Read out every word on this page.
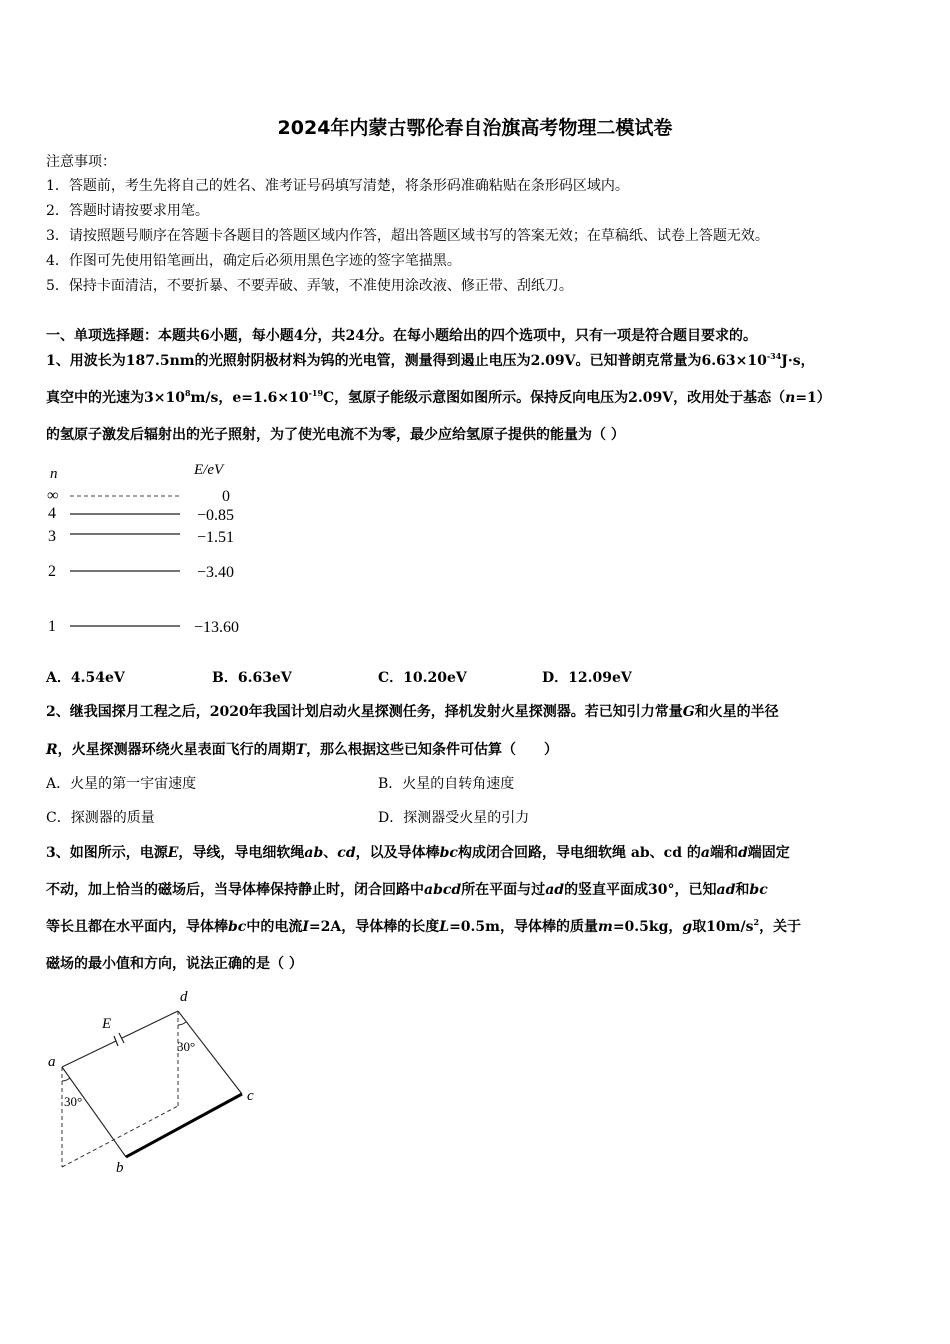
2024年内蒙古鄂伦春自治旗高考物理二模试卷
注意事项：
1．答题前，考生先将自己的姓名、准考证号码填写清楚，将条形码准确粘贴在条形码区域内。
2．答题时请按要求用笔。
3．请按照题号顺序在答题卡各题目的答题区域内作答，超出答题区域书写的答案无效；在草稿纸、试卷上答题无效。
4．作图可先使用铅笔画出，确定后必须用黑色字迹的签字笔描黑。
5．保持卡面清洁，不要折暴、不要弄破、弄皱，不准使用涂改液、修正带、刮纸刀。
一、单项选择题：本题共6小题，每小题4分，共24分。在每小题给出的四个选项中，只有一项是符合题目要求的。
1、用波长为187.5nm的光照射阴极材料为钨的光电管，测量得到遏止电压为2.09V。已知普朗克常量为$6.63\times 10^{-34}J\cdot s$，
真空中的光速为$3\times 10^8m/s$，$e=1.6\times 10^{-19}C$，氢原子能级示意图如图所示。保持反向电压为2.09V，改用处于基态（n=1）
的氢原子激发后辐射出的光子照射，为了使光电流不为零，最少应给氢原子提供的能量为（ ）
n	E/eV
∞	0
4	−0.85
3	−1.51
2	−3.40
1	−13.60
A．4.54eV	B．6.63eV	C．10.20eV	D．12.09eV
2、继我国探月工程之后，2020年我国计划启动火星探测任务，择机发射火星探测器。若已知引力常量G和火星的半径
R，火星探测器环绕火星表面飞行的周期T，那么根据这些已知条件可估算（　　）
A．火星的第一宇宙速度	B．火星的自转角速度
C．探测器的质量	D．探测器受火星的引力
3、如图所示，电源E，导线，导电细软绳ab、cd，以及导体棒bc构成闭合回路，导电细软绳 ab、cd 的a端和d端固定
不动，加上恰当的磁场后，当导体棒保持静止时，闭合回路中abcd所在平面与过ad的竖直平面成30°，已知ad和bc
等长且都在水平面内，导体棒bc中的电流I=2A，导体棒的长度L=0.5m，导体棒的质量m=0.5kg，g取$10m/s^2$，关于
磁场的最小值和方向，说法正确的是（ ）
a
b
c
d
E
30°
30°
